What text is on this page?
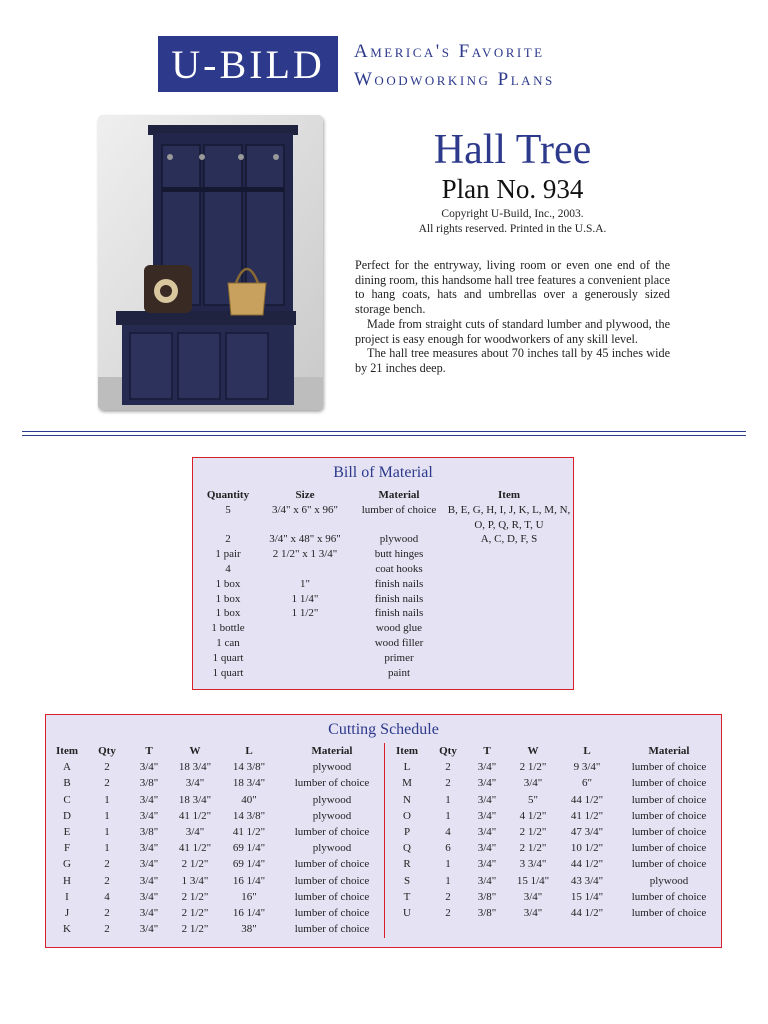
U-BILD America's Favorite
Woodworking Plans
Hall Tree
Plan No. 934
Copyright U-Build, Inc., 2003.
All rights reserved. Printed in the U.S.A.

Perfect for the entryway, living room or even one end of the dining room, this handsome hall tree features a convenient place to hang coats, hats and umbrellas over a generously sized storage bench.

Made from straight cuts of standard lumber and plywood, the project is easy enough for woodworkers of any skill level.

The hall tree measures about 70 inches tall by 45 inches wide by 21 inches deep.

Bill of Material
Quantity	Size	Material	Item
5	3/4" x 6" x 96"	lumber of choice	B, E, G, H, I, J, K, L, M, N, O, P, Q, R, T, U
2	3/4" x 48" x 96"	plywood	A, C, D, F, S
1 pair	2 1/2" x 1 3/4"	butt hinges	
4		coat hooks	
1 box	1"	finish nails	
1 box	1 1/4"	finish nails	
1 box	1 1/2"	finish nails	
1 bottle		wood glue	
1 can		wood filler	
1 quart		primer	
1 quart		paint	
Cutting Schedule
Item	Qty	T	W	L	Material
A	2	3/4"	18 3/4"	14 3/8"	plywood
B	2	3/8"	3/4"	18 3/4"	lumber of choice
C	1	3/4"	18 3/4"	40"	plywood
D	1	3/4"	41 1/2"	14 3/8"	plywood
E	1	3/8"	3/4"	41 1/2"	lumber of choice
F	1	3/4"	41 1/2"	69 1/4"	plywood
G	2	3/4"	2 1/2"	69 1/4"	lumber of choice
H	2	3/4"	1 3/4"	16 1/4"	lumber of choice
I	4	3/4"	2 1/2"	16"	lumber of choice
J	2	3/4"	2 1/2"	16 1/4"	lumber of choice
K	2	3/4"	2 1/2"	38"	lumber of choice
Item	Qty	T	W	L	Material
L	2	3/4"	2 1/2"	9 3/4"	lumber of choice
M	2	3/4"	3/4"	6"	lumber of choice
N	1	3/4"	5"	44 1/2"	lumber of choice
O	1	3/4"	4 1/2"	41 1/2"	lumber of choice
P	4	3/4"	2 1/2"	47 3/4"	lumber of choice
Q	6	3/4"	2 1/2"	10 1/2"	lumber of choice
R	1	3/4"	3 3/4"	44 1/2"	lumber of choice
S	1	3/4"	15 1/4"	43 3/4"	plywood
T	2	3/8"	3/4"	15 1/4"	lumber of choice
U	2	3/8"	3/4"	44 1/2"	lumber of choice
